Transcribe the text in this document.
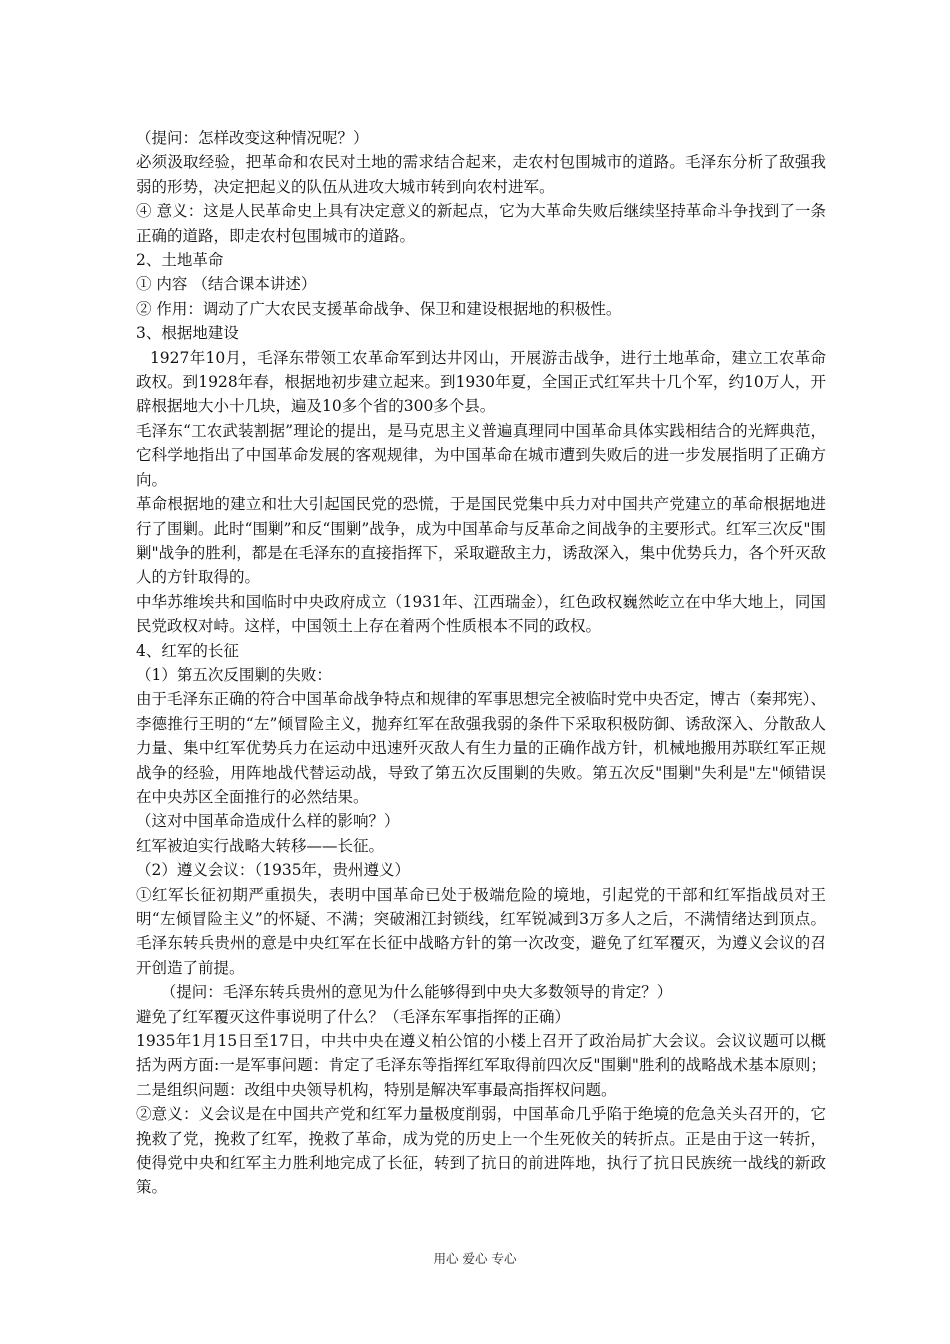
（提问：怎样改变这种情况呢？）

必须汲取经验，把革命和农民对土地的需求结合起来，走农村包围城市的道路。毛泽东分析了敌强我弱的形势，决定把起义的队伍从进攻大城市转到向农村进军。

④ 意义：这是人民革命史上具有决定意义的新起点，它为大革命失败后继续坚持革命斗争找到了一条正确的道路，即走农村包围城市的道路。

2、土地革命

① 内容 （结合课本讲述）

② 作用：调动了广大农民支援革命战争、保卫和建设根据地的积极性。

3、根据地建设

1927年10月，毛泽东带领工农革命军到达井冈山，开展游击战争，进行土地革命，建立工农革命政权。到1928年春，根据地初步建立起来。到1930年夏，全国正式红军共十几个军，约10万人，开辟根据地大小十几块，遍及10多个省的300多个县。

毛泽东“工农武装割据”理论的提出，是马克思主义普遍真理同中国革命具体实践相结合的光辉典范，它科学地指出了中国革命发展的客观规律，为中国革命在城市遭到失败后的进一步发展指明了正确方向。

革命根据地的建立和壮大引起国民党的恐慌，于是国民党集中兵力对中国共产党建立的革命根据地进行了围剿。此时“围剿”和反“围剿”战争，成为中国革命与反革命之间战争的主要形式。红军三次反"围剿"战争的胜利，都是在毛泽东的直接指挥下，采取避敌主力，诱敌深入，集中优势兵力，各个歼灭敌人的方针取得的。

中华苏维埃共和国临时中央政府成立（1931年、江西瑞金），红色政权巍然屹立在中华大地上，同国民党政权对峙。这样，中国领土上存在着两个性质根本不同的政权。

4、红军的长征

（1）第五次反围剿的失败：

由于毛泽东正确的符合中国革命战争特点和规律的军事思想完全被临时党中央否定，博古（秦邦宪）、李德推行王明的“左”倾冒险主义，抛弃红军在敌强我弱的条件下采取积极防御、诱敌深入、分散敌人力量、集中红军优势兵力在运动中迅速歼灭敌人有生力量的正确作战方针，机械地搬用苏联红军正规战争的经验，用阵地战代替运动战，导致了第五次反围剿的失败。第五次反"围剿"失利是"左"倾错误在中央苏区全面推行的必然结果。

（这对中国革命造成什么样的影响？）

红军被迫实行战略大转移——长征。

（2）遵义会议：（1935年，贵州遵义）

①红军长征初期严重损失，表明中国革命已处于极端危险的境地，引起党的干部和红军指战员对王明“左倾冒险主义”的怀疑、不满；突破湘江封锁线，红军锐减到3万多人之后，不满情绪达到顶点。毛泽东转兵贵州的意是中央红军在长征中战略方针的第一次改变，避免了红军覆灭，为遵义会议的召开创造了前提。

（提问：毛泽东转兵贵州的意见为什么能够得到中央大多数领导的肯定？）

避免了红军覆灭这件事说明了什么？（毛泽东军事指挥的正确）

1935年1月15日至17日，中共中央在遵义柏公馆的小楼上召开了政治局扩大会议。会议议题可以概括为两方面:一是军事问题：肯定了毛泽东等指挥红军取得前四次反"围剿"胜利的战略战术基本原则；二是组织问题：改组中央领导机构，特别是解决军事最高指挥权问题。

②意义：义会议是在中国共产党和红军力量极度削弱，中国革命几乎陷于绝境的危急关头召开的，它挽救了党，挽救了红军，挽救了革命，成为党的历史上一个生死攸关的转折点。正是由于这一转折，使得党中央和红军主力胜利地完成了长征，转到了抗日的前进阵地，执行了抗日民族统一战线的新政策。

用心 爱心 专心
